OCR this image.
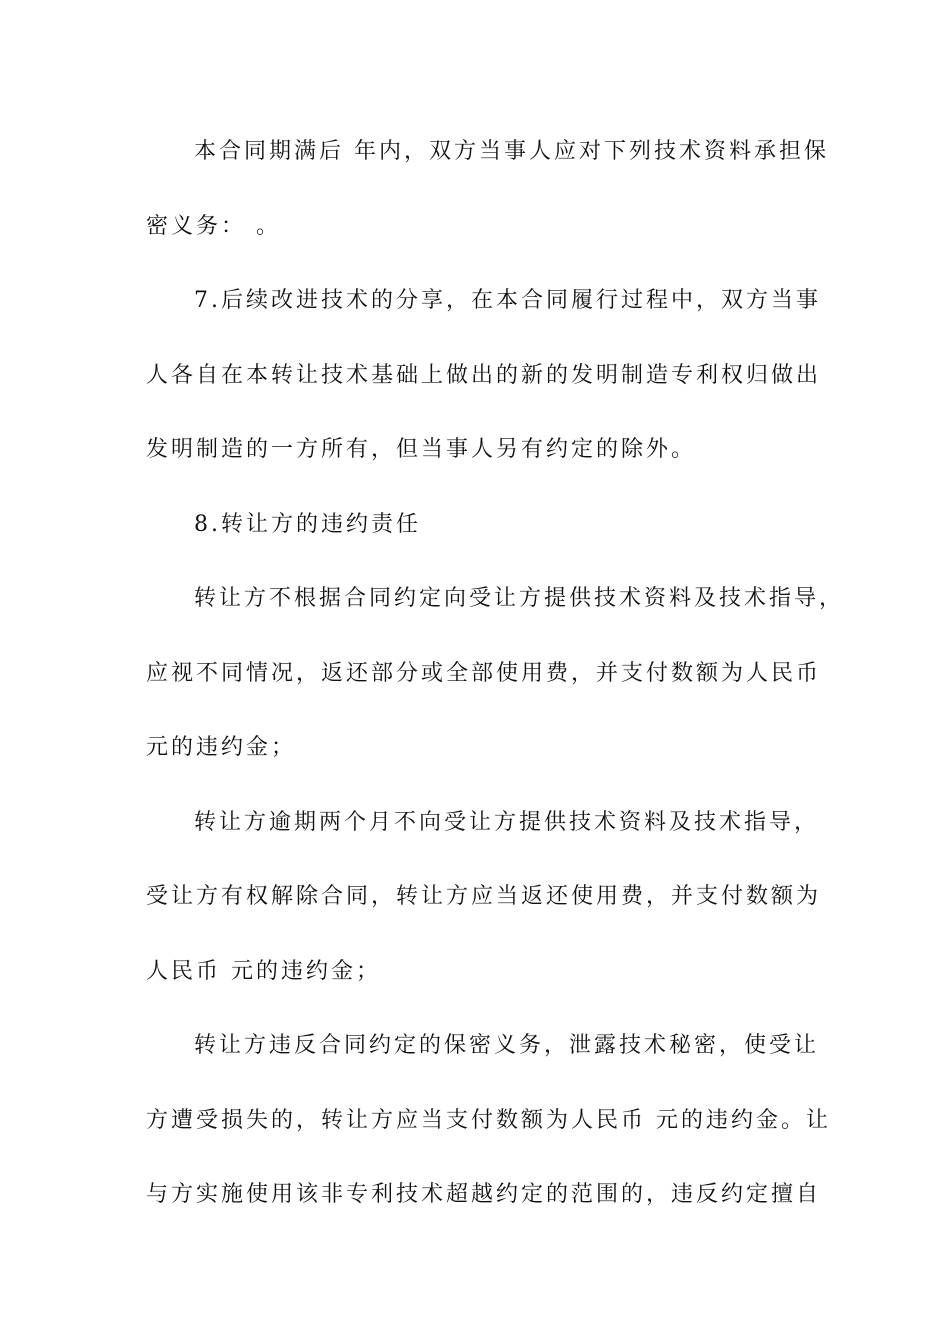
本合同期满后 年内，双方当事人应对下列技术资料承担保
密义务： 。
7.后续改进技术的分享，在本合同履行过程中，双方当事
人各自在本转让技术基础上做出的新的发明制造专利权归做出
发明制造的一方所有，但当事人另有约定的除外。
8.转让方的违约责任
转让方不根据合同约定向受让方提供技术资料及技术指导，
应视不同情况，返还部分或全部使用费，并支付数额为人民币
元的违约金；
转让方逾期两个月不向受让方提供技术资料及技术指导，
受让方有权解除合同，转让方应当返还使用费，并支付数额为
人民币 元的违约金；
转让方违反合同约定的保密义务，泄露技术秘密，使受让
方遭受损失的，转让方应当支付数额为人民币 元的违约金。让
与方实施使用该非专利技术超越约定的范围的，违反约定擅自
